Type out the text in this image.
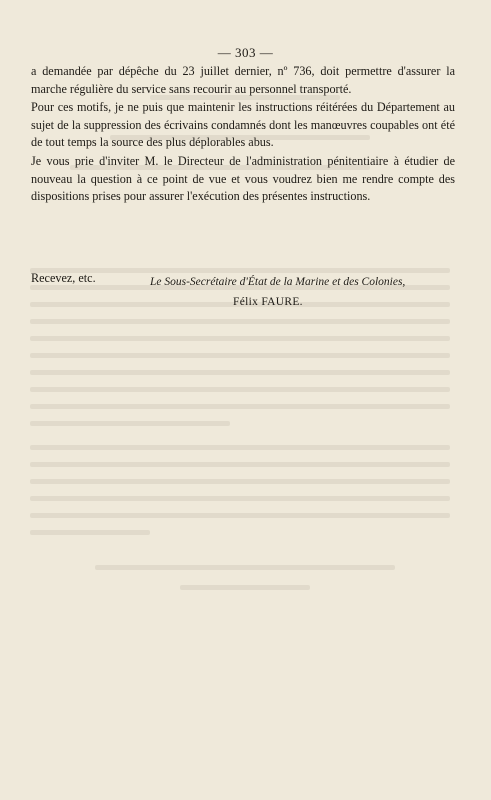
— 303 —

a demandée par dépêche du 23 juillet dernier, nº 736, doit permettre d'assurer la marche régulière du service sans recourir au personnel transporté.

Pour ces motifs, je ne puis que maintenir les instructions réitérées du Département au sujet de la suppression des écrivains condamnés dont les manœuvres coupables ont été de tout temps la source des plus déplorables abus.

Je vous prie d'inviter M. le Directeur de l'administration pénitentiaire à étudier de nouveau la question à ce point de vue et vous voudrez bien me rendre compte des dispositions prises pour assurer l'exécution des présentes instructions.

Recevez, etc.	Le Sous-Secrétaire d'État de la Marine et des Colonies,
Félix FAURE.
